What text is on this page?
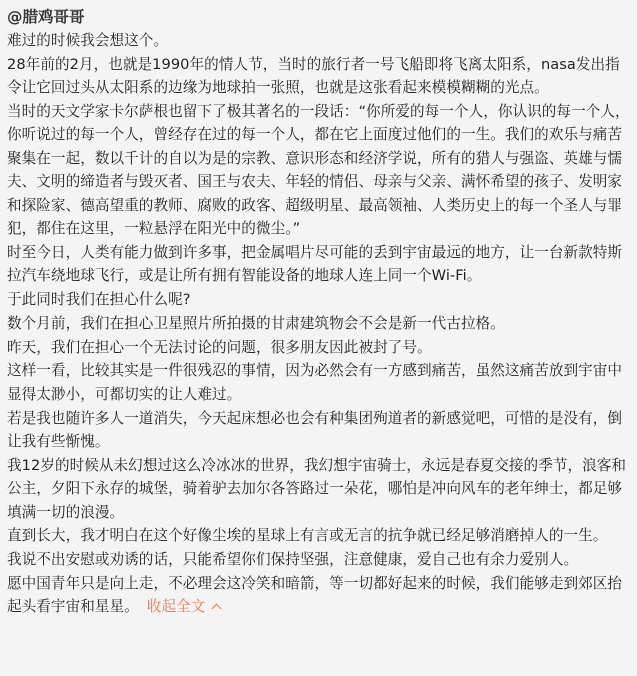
@腊鸡哥哥

难过的时候我会想这个。

28年前的2月，也就是1990年的情人节，当时的旅行者一号飞船即将飞离太阳系，nasa发出指令让它回过头从太阳系的边缘为地球拍一张照，也就是这张看起来模模糊糊的光点。

当时的天文学家卡尔萨根也留下了极其著名的一段话：“你所爱的每一个人，你认识的每一个人，你听说过的每一个人，曾经存在过的每一个人，都在它上面度过他们的一生。我们的欢乐与痛苦聚集在一起，数以千计的自以为是的宗教、意识形态和经济学说，所有的猎人与强盗、英雄与懦夫、文明的缔造者与毁灭者、国王与农夫、年轻的情侣、母亲与父亲、满怀希望的孩子、发明家和探险家、德高望重的教师、腐败的政客、超级明星、最高领袖、人类历史上的每一个圣人与罪犯，都住在这里，一粒悬浮在阳光中的微尘。”

时至今日，人类有能力做到许多事，把金属唱片尽可能的丢到宇宙最远的地方，让一台新款特斯拉汽车绕地球飞行，或是让所有拥有智能设备的地球人连上同一个Wi-Fi。

于此同时我们在担心什么呢?

数个月前，我们在担心卫星照片所拍摄的甘肃建筑物会不会是新一代古拉格。

昨天，我们在担心一个无法讨论的问题，很多朋友因此被封了号。

这样一看，比较其实是一件很残忍的事情，因为必然会有一方感到痛苦，虽然这痛苦放到宇宙中显得太渺小，可都切实的让人难过。

若是我也随许多人一道消失，今天起床想必也会有种集团殉道者的新感觉吧，可惜的是没有，倒让我有些惭愧。

我12岁的时候从未幻想过这么冷冰冰的世界，我幻想宇宙骑士，永远是春夏交接的季节，浪客和公主，夕阳下永存的城堡，骑着驴去加尔各答路过一朵花，哪怕是冲向风车的老年绅士，都足够填满一切的浪漫。

直到长大，我才明白在这个好像尘埃的星球上有言或无言的抗争就已经足够消磨掉人的一生。

我说不出安慰或劝诱的话，只能希望你们保持坚强，注意健康，爱自己也有余力爱别人。

愿中国青年只是向上走，不必理会这冷笑和暗箭，等一切都好起来的时候，我们能够走到郊区抬起头看宇宙和星星。 收起全文
